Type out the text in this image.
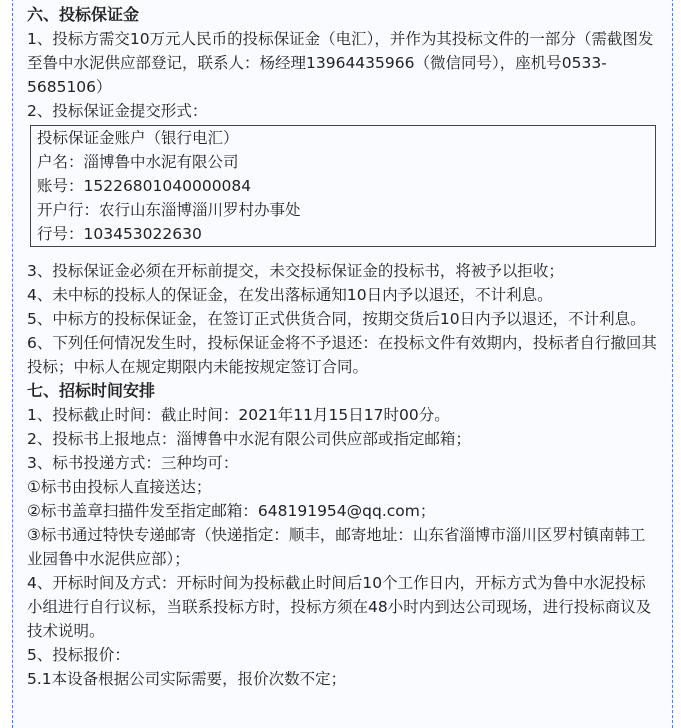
六、投标保证金
1、投标方需交10万元人民币的投标保证金（电汇），并作为其投标文件的一部分（需截图发至鲁中水泥供应部登记，联系人：杨经理13964435966（微信同号），座机号0533-5685106）
2、投标保证金提交形式：
投标保证金账户（银行电汇）
户名：淄博鲁中水泥有限公司
账号：15226801040000084
开户行：农行山东淄博淄川罗村办事处
行号：103453022630
3、投标保证金必须在开标前提交，未交投标保证金的投标书，将被予以拒收；
4、未中标的投标人的保证金，在发出落标通知10日内予以退还，不计利息。
5、中标方的投标保证金，在签订正式供货合同，按期交货后10日内予以退还，不计利息。
6、下列任何情况发生时，投标保证金将不予退还：在投标文件有效期内，投标者自行撤回其投标；中标人在规定期限内未能按规定签订合同。
七、招标时间安排
1、投标截止时间：截止时间：2021年11月15日17时00分。
2、投标书上报地点：淄博鲁中水泥有限公司供应部或指定邮箱；
3、标书投递方式：三种均可：
①标书由投标人直接送达；
②标书盖章扫描件发至指定邮箱：648191954@qq.com；
③标书通过特快专递邮寄（快递指定：顺丰，邮寄地址：山东省淄博市淄川区罗村镇南韩工业园鲁中水泥供应部）；
4、开标时间及方式：开标时间为投标截止时间后10个工作日内，开标方式为鲁中水泥投标小组进行自行议标，当联系投标方时，投标方须在48小时内到达公司现场，进行投标商议及技术说明。
5、投标报价：
5.1本设备根据公司实际需要，报价次数不定；
